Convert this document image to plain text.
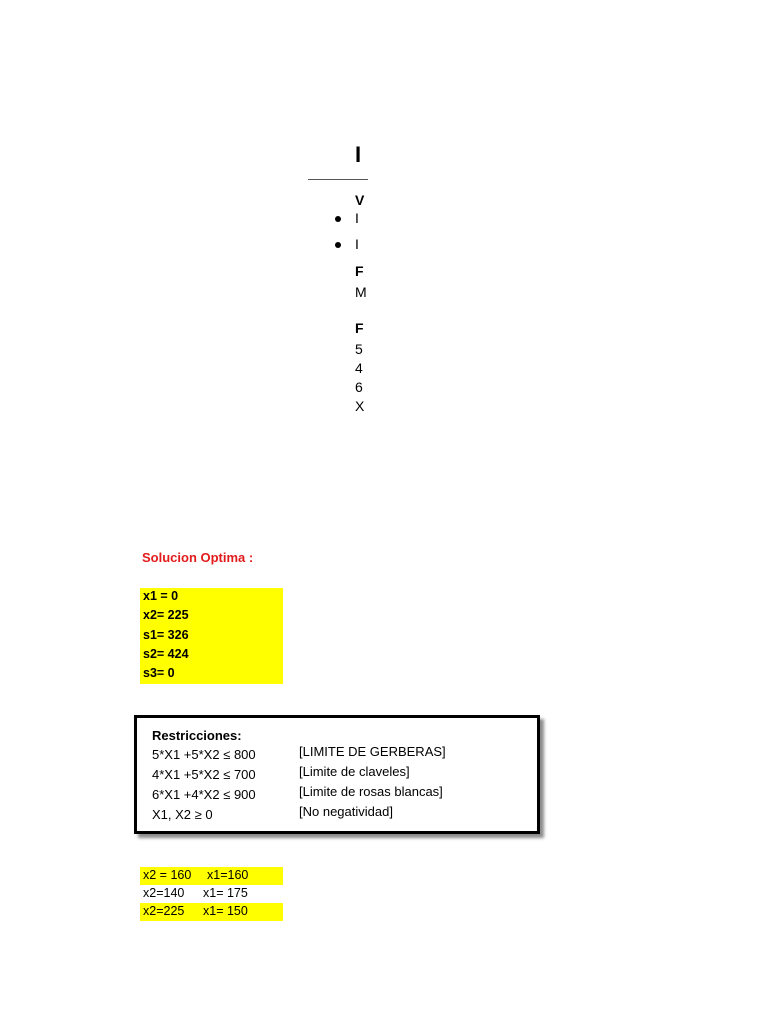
I
V
I
I
F
M
F
5
4
6
X
Solucion Optima :
x1 = 0
x2= 225
s1= 326
s2= 424
s3= 0
Restricciones:
5*X1 +5*X2 ≤ 800
4*X1 +5*X2 ≤ 700
6*X1 +4*X2 ≤ 900
X1, X2 ≥ 0
[LIMITE DE GERBERAS]
[Limite de claveles]
[Limite de rosas blancas]
[No negatividad]
x2 = 160 x1=160
x2=140 x1= 175
x2=225 x1= 150
